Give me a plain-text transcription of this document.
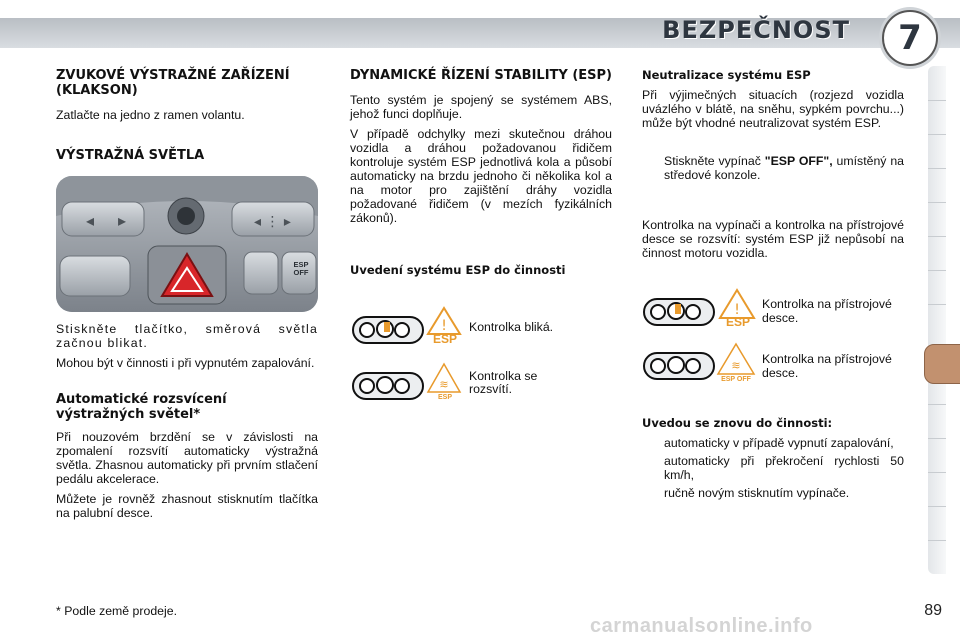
BEZPEČNOST	7
ZVUKOVÉ VÝSTRAŽNÉ ZAŘÍZENÍ (KLAKSON)

Zatlačte na jedno z ramen volantu.

VÝSTRAŽNÁ SVĚTLA
◂ ▸	◂ ⋮ ▸
ESP OFF

Stiskněte tlačítko, směrová světla začnou blikat.

Mohou být v činnosti i při vypnutém zapalování.

Automatické rozsvícení výstražných světel*

Při nouzovém brzdění se v závislosti na zpomalení rozsvítí automaticky výstražná světla. Zhasnou automaticky při prvním stlačení pedálu akcelerace.

Můžete je rovněž zhasnout stisknutím tlačítka na palubní desce.

DYNAMICKÉ ŘÍZENÍ STABILITY (ESP)

Tento systém je spojený se systémem ABS, jehož funci doplňuje.

V případě odchylky mezi skutečnou dráhou vozidla a dráhou požadovanou řidičem kontroluje systém ESP jednotlivá kola a působí automaticky na brzdu jednoho či několika kol a na motor pro zajištění dráhy vozidla požadované řidičem (v mezích fyzikálních zákonů).

Uvedení systému ESP do činnosti
!
ESP
Kontrolka bliká.
≋
ESP
Kontrolka se rozsvítí.
Neutralizace systému ESP

Při výjimečných situacích (rozjezd vozidla uvázlého v blátě, na sněhu, sypkém povrchu...) může být vhodné neutralizovat systém ESP.

Stiskněte vypínač "ESP OFF", umístěný na středové konzole.

Kontrolka na vypínači a kontrolka na přístrojové desce se rozsvítí: systém ESP již nepůsobí na činnost motoru vozidla.

!
ESP
Kontrolka na přístrojové desce.
≋
ESP OFF
Kontrolka na přístrojové desce.
Uvedou se znovu do činnosti:
automaticky v případě vypnutí zapalování,
automaticky při překročení rychlosti 50 km/h,
ručně novým stisknutím vypínače.
* Podle země prodeje.	89
carmanualsonline.info
